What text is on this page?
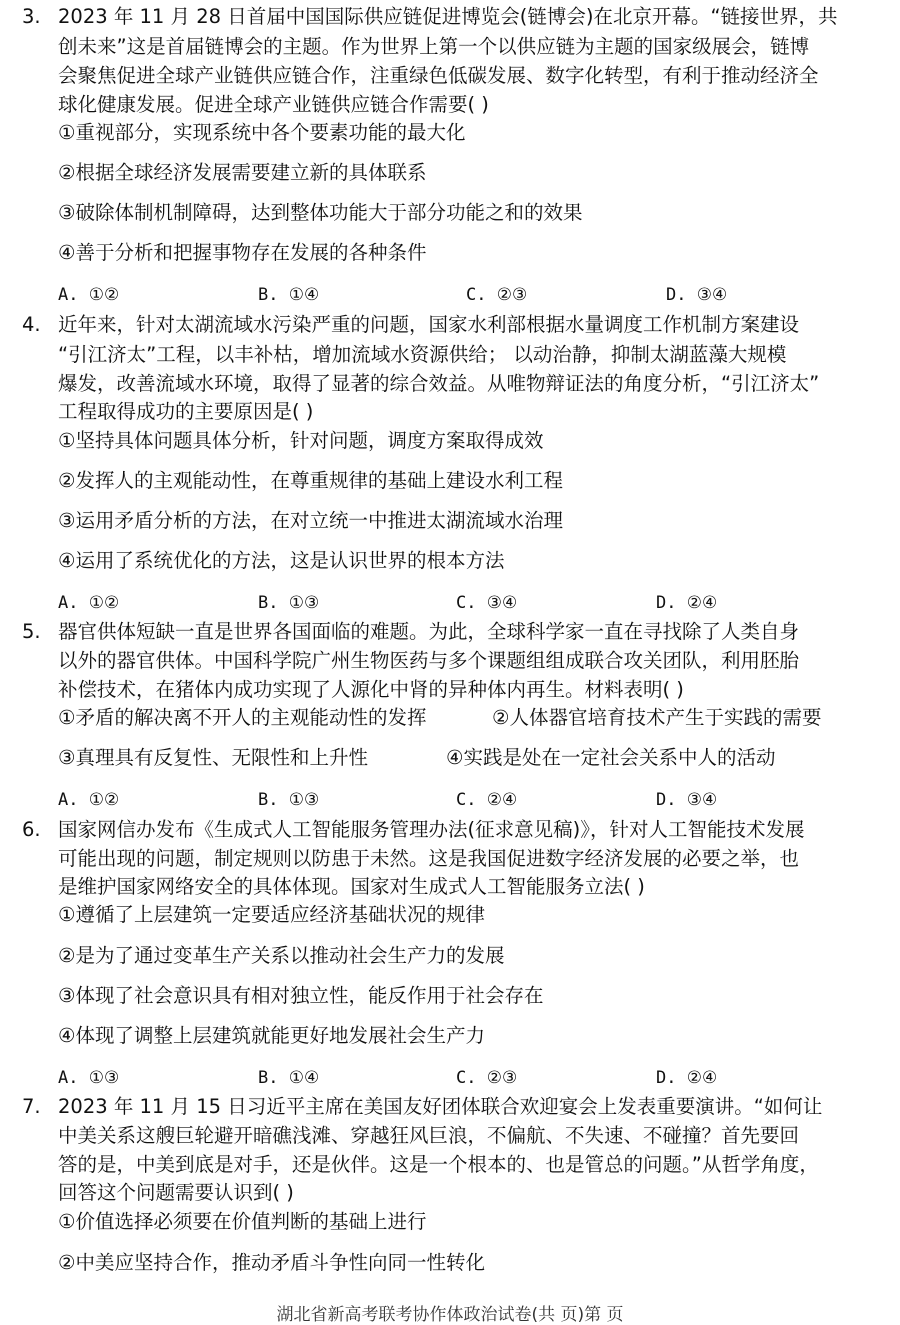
3. 2023 年 11 月 28 日首届中国国际供应链促进博览会(链博会)在北京开幕。“链接世界，共
创未来”这是首届链博会的主题。作为世界上第一个以供应链为主题的国家级展会，链博
会聚焦促进全球产业链供应链合作，注重绿色低碳发展、数字化转型，有利于推动经济全
球化健康发展。促进全球产业链供应链合作需要( )
①重视部分，实现系统中各个要素功能的最大化
②根据全球经济发展需要建立新的具体联系
③破除体制机制障碍，达到整体功能大于部分功能之和的效果
④善于分析和把握事物存在发展的各种条件
A. ①②	B. ①④	C. ②③	D. ③④
4. 近年来，针对太湖流域水污染严重的问题，国家水利部根据水量调度工作机制方案建设
“引江济太”工程，以丰补枯，增加流域水资源供给； 以动治静，抑制太湖蓝藻大规模
爆发，改善流域水环境，取得了显著的综合效益。从唯物辩证法的角度分析，“引江济太”
工程取得成功的主要原因是( )
①坚持具体问题具体分析，针对问题，调度方案取得成效
②发挥人的主观能动性，在尊重规律的基础上建设水利工程
③运用矛盾分析的方法，在对立统一中推进太湖流域水治理
④运用了系统优化的方法，这是认识世界的根本方法
A. ①②	B. ①③	C. ③④	D. ②④
5. 器官供体短缺一直是世界各国面临的难题。为此，全球科学家一直在寻找除了人类自身
以外的器官供体。中国科学院广州生物医药与多个课题组组成联合攻关团队，利用胚胎
补偿技术，在猪体内成功实现了人源化中肾的异种体内再生。材料表明( )
①矛盾的解决离不开人的主观能动性的发挥	②人体器官培育技术产生于实践的需要
③真理具有反复性、无限性和上升性	④实践是处在一定社会关系中人的活动
A. ①②	B. ①③	C. ②④	D. ③④
6. 国家网信办发布《生成式人工智能服务管理办法(征求意见稿)》，针对人工智能技术发展
可能出现的问题，制定规则以防患于未然。这是我国促进数字经济发展的必要之举，也
是维护国家网络安全的具体体现。国家对生成式人工智能服务立法( )
①遵循了上层建筑一定要适应经济基础状况的规律
②是为了通过变革生产关系以推动社会生产力的发展
③体现了社会意识具有相对独立性，能反作用于社会存在
④体现了调整上层建筑就能更好地发展社会生产力
A. ①③	B. ①④	C. ②③	D. ②④
7. 2023 年 11 月 15 日习近平主席在美国友好团体联合欢迎宴会上发表重要演讲。“如何让
中美关系这艘巨轮避开暗礁浅滩、穿越狂风巨浪，不偏航、不失速、不碰撞？首先要回
答的是，中美到底是对手，还是伙伴。这是一个根本的、也是管总的问题。”从哲学角度，
回答这个问题需要认识到( )
①价值选择必须要在价值判断的基础上进行
②中美应坚持合作，推动矛盾斗争性向同一性转化
湖北省新高考联考协作体政治试卷(共 页)第 页
